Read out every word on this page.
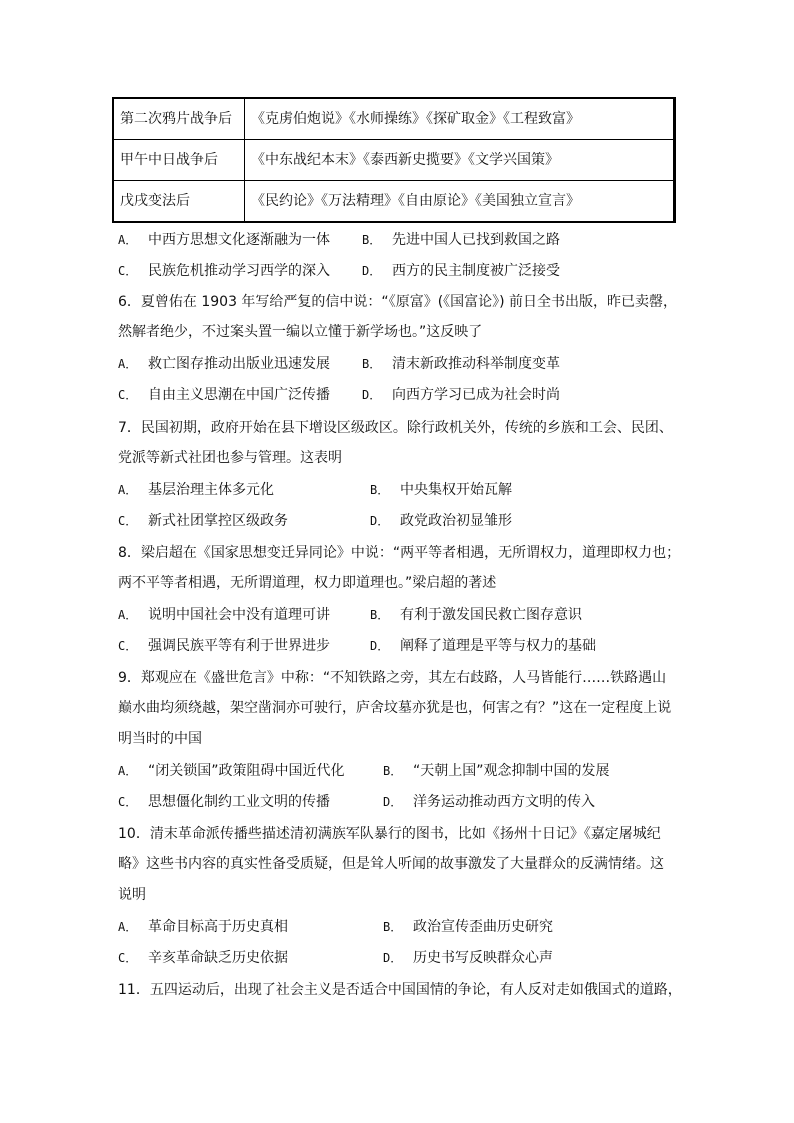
第二次鸦片战争后	《克虏伯炮说》《水师操练》《探矿取金》《工程致富》
甲午中日战争后	《中东战纪本末》《泰西新史揽要》《文学兴国策》
戊戌变法后	《民约论》《万法精理》《自由原论》《美国独立宣言》
A． 中西方思想文化逐渐融为一体	B． 先进中国人已找到救国之路
C． 民族危机推动学习西学的深入	D． 西方的民主制度被广泛接受
6．夏曾佑在 1903 年写给严复的信中说：“《原富》(《国富论》) 前日全书出版，昨已卖罄，
然解者绝少，不过案头置一编以立懂于新学场也。”这反映了
A． 救亡图存推动出版业迅速发展	B． 清末新政推动科举制度变革
C． 自由主义思潮在中国广泛传播	D． 向西方学习已成为社会时尚
7．民国初期，政府开始在县下增设区级政区。除行政机关外，传统的乡族和工会、民团、
党派等新式社团也参与管理。这表明
A． 基层治理主体多元化	B． 中央集权开始瓦解
C． 新式社团掌控区级政务	D． 政党政治初显雏形
8．梁启超在《国家思想变迁异同论》中说：“两平等者相遇，无所谓权力，道理即权力也；
两不平等者相遇，无所谓道理，权力即道理也。”梁启超的著述
A． 说明中国社会中没有道理可讲	B． 有利于激发国民救亡图存意识
C． 强调民族平等有利于世界进步	D． 阐释了道理是平等与权力的基础
9．郑观应在《盛世危言》中称：“不知铁路之旁，其左右歧路，人马皆能行……铁路遇山
巅水曲均须绕越，架空凿洞亦可驶行，庐舍坟墓亦犹是也，何害之有？”这在一定程度上说
明当时的中国
A． “闭关锁国”政策阻碍中国近代化	B． “天朝上国”观念抑制中国的发展
C． 思想僵化制约工业文明的传播	D． 洋务运动推动西方文明的传入
10．清末革命派传播些描述清初满族军队暴行的图书，比如《扬州十日记》《嘉定屠城纪
略》这些书内容的真实性备受质疑，但是耸人听闻的故事激发了大量群众的反满情绪。这
说明
A． 革命目标高于历史真相	B． 政治宣传歪曲历史研究
C． 辛亥革命缺乏历史依据	D． 历史书写反映群众心声
11．五四运动后，出现了社会主义是否适合中国国情的争论，有人反对走如俄国式的道路，
